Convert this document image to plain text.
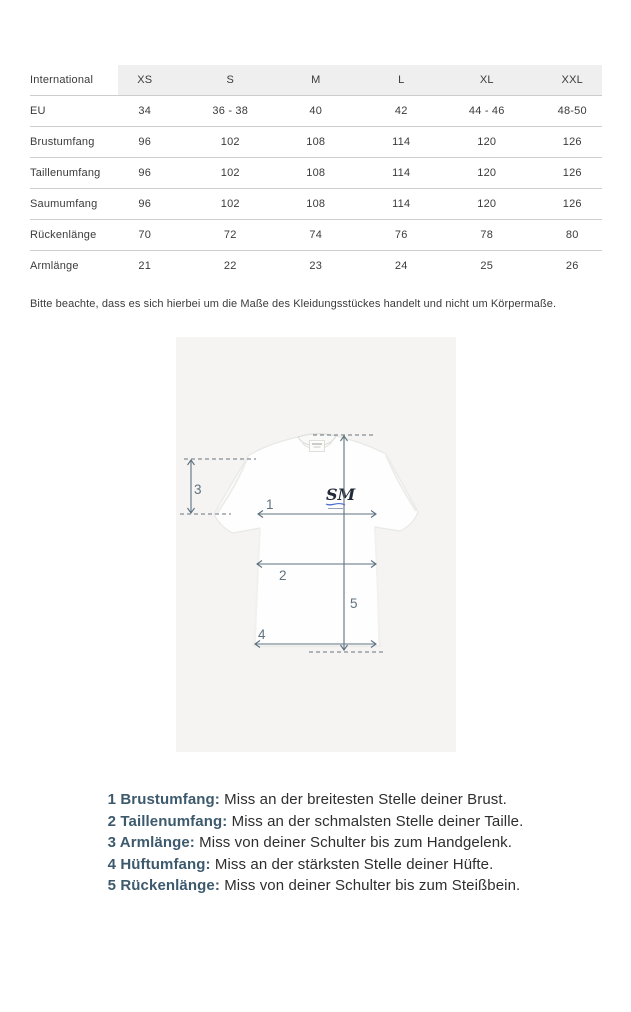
International	XS	S	M	L	XL	XXL
EU	34	36 - 38	40	42	44 - 46	48-50
Brustumfang	96	102	108	114	120	126
Taillenumfang	96	102	108	114	120	126
Saumumfang	96	102	108	114	120	126
Rückenlänge	70	72	74	76	78	80
Armlänge	21	22	23	24	25	26
Bitte beachte, dass es sich hierbei um die Maße des Kleidungsstückes handelt und nicht um Körpermaße.
SM
1
2
3
4
5
1 Brustumfang: Miss an der breitesten Stelle deiner Brust.
2 Taillenumfang: Miss an der schmalsten Stelle deiner Taille.
3 Armlänge: Miss von deiner Schulter bis zum Handgelenk.
4 Hüftumfang: Miss an der stärksten Stelle deiner Hüfte.
5 Rückenlänge: Miss von deiner Schulter bis zum Steißbein.
